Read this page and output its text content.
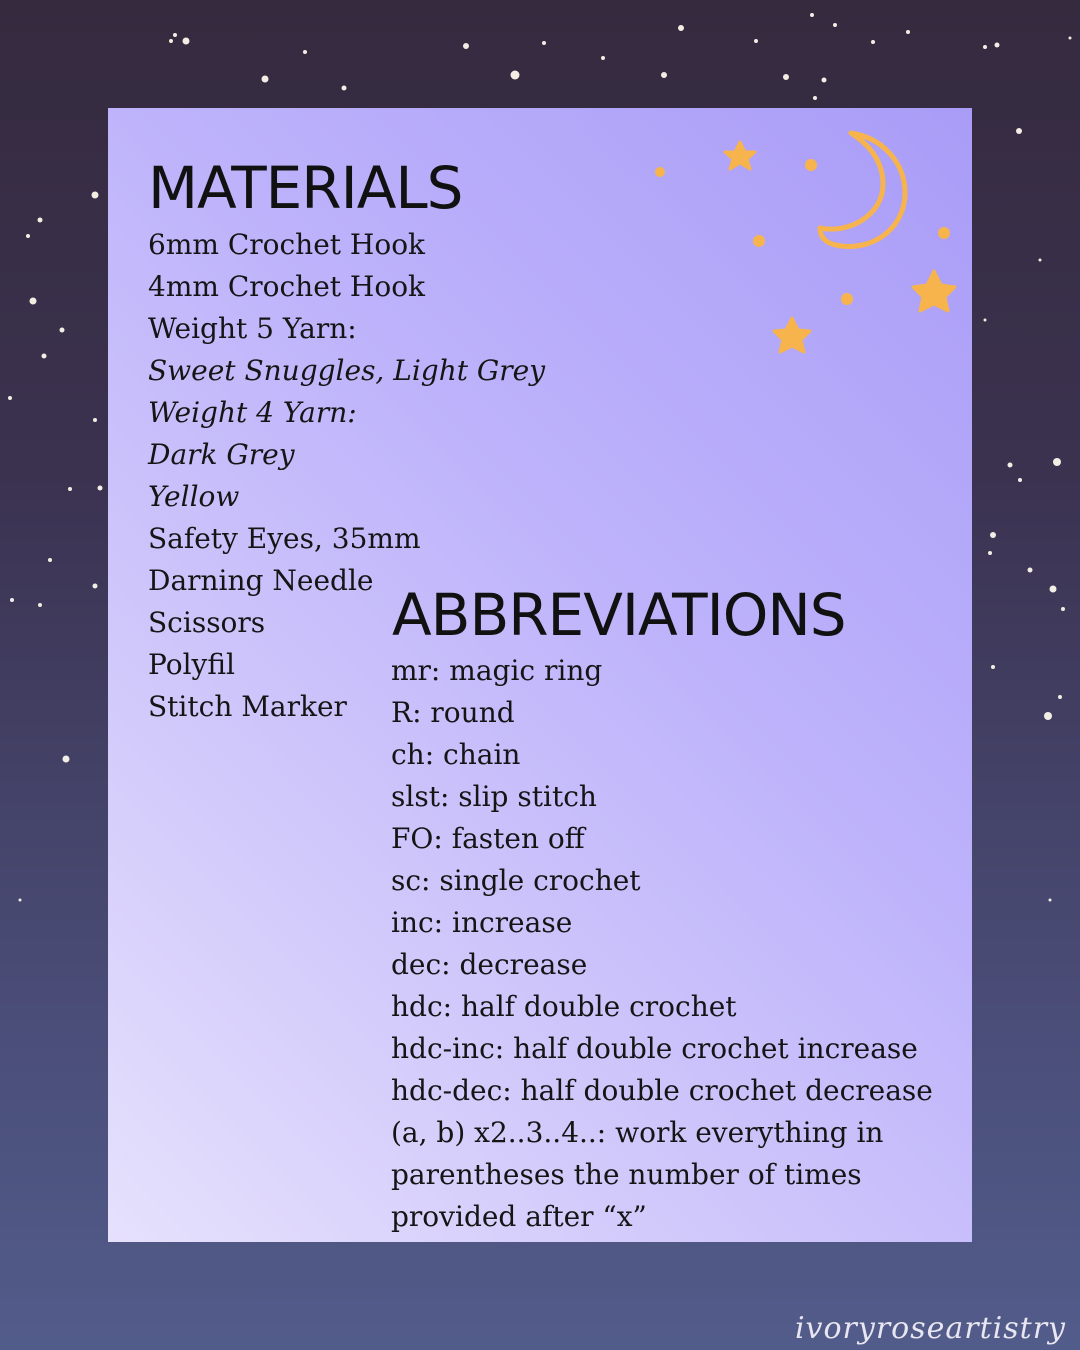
MATERIALS
6mm Crochet Hook
4mm Crochet Hook
Weight 5 Yarn:
Sweet Snuggles, Light Grey
Weight 4 Yarn:
Dark Grey
Yellow
Safety Eyes, 35mm
Darning Needle
Scissors
Polyfil
Stitch Marker
ABBREVIATIONS
mr: magic ring
R: round
ch: chain
slst: slip stitch
FO: fasten off
sc: single crochet
inc: increase
dec: decrease
hdc: half double crochet
hdc-inc: half double crochet increase
hdc-dec: half double crochet decrease
(a, b) x2..3..4..: work everything in parentheses the number of times provided after “x”
ivoryroseartistry
